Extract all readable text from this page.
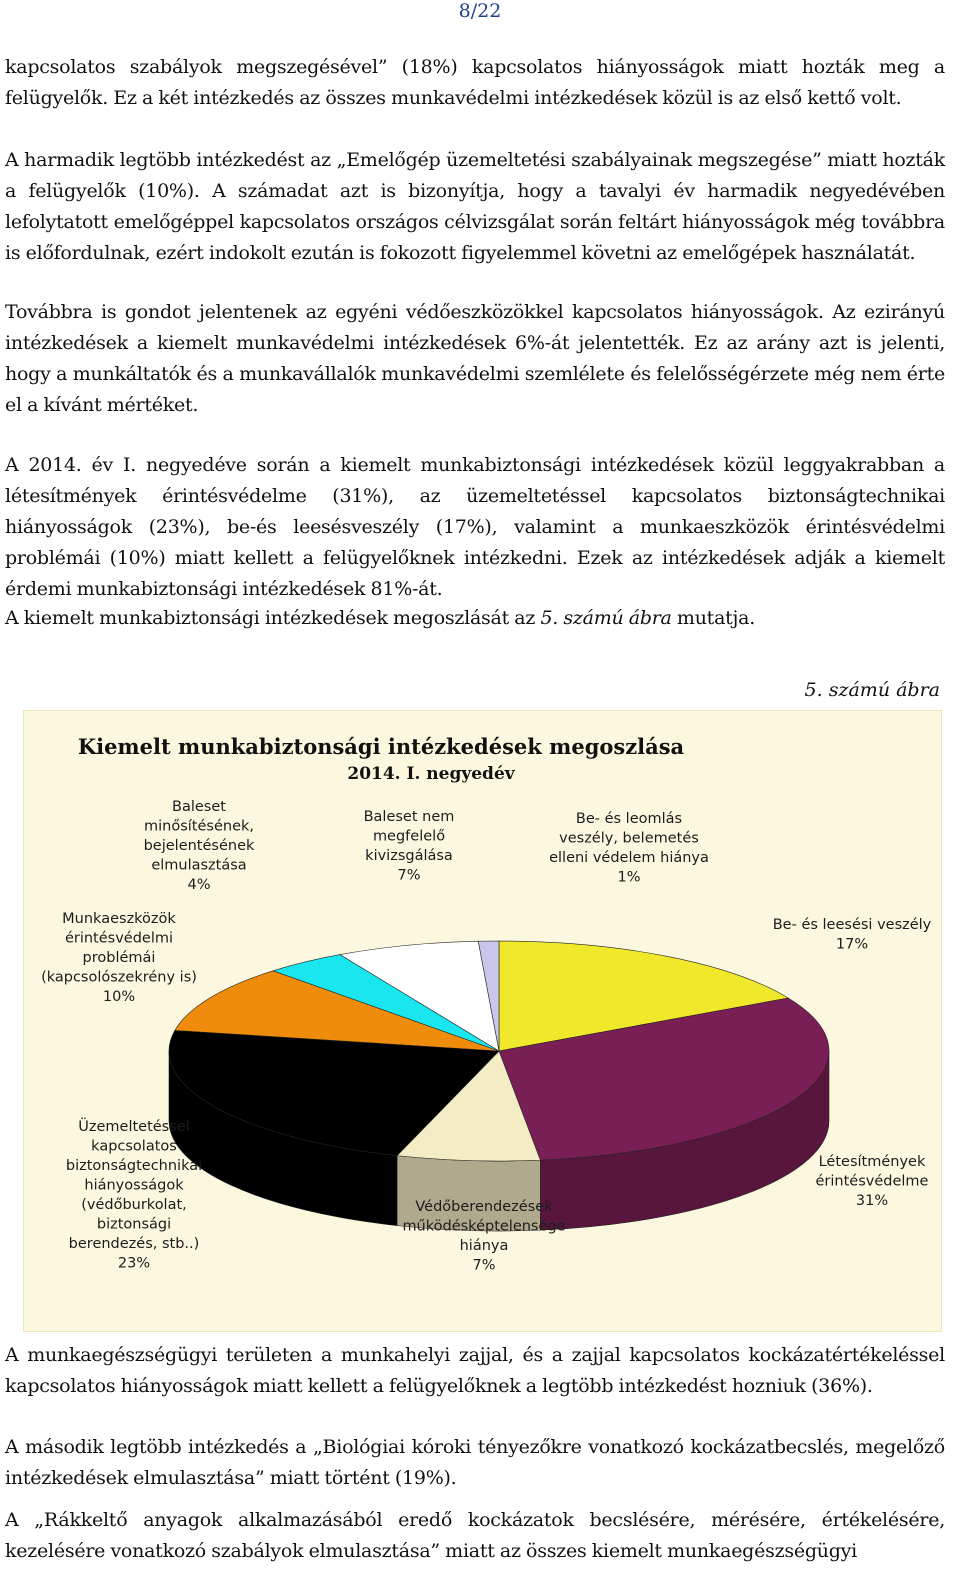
8/22

kapcsolatos szabályok megszegésével” (18%) kapcsolatos hiányosságok miatt hozták meg a felügyelők. Ez a két intézkedés az összes munkavédelmi intézkedések közül is az első kettő volt.

A harmadik legtöbb intézkedést az „Emelőgép üzemeltetési szabályainak megszegése” miatt hozták a felügyelők (10%). A számadat azt is bizonyítja, hogy a tavalyi év harmadik negyedévében lefolytatott emelőgéppel kapcsolatos országos célvizsgálat során feltárt hiányosságok még továbbra is előfordulnak, ezért indokolt ezután is fokozott figyelemmel követni az emelőgépek használatát.

Továbbra is gondot jelentenek az egyéni védőeszközökkel kapcsolatos hiányosságok. Az ezirányú intézkedések a kiemelt munkavédelmi intézkedések 6%-át jelentették. Ez az arány azt is jelenti, hogy a munkáltatók és a munkavállalók munkavédelmi szemlélete és felelősségérzete még nem érte el a kívánt mértéket.

A 2014. év I. negyedéve során a kiemelt munkabiztonsági intézkedések közül leggyakrabban a létesítmények érintésvédelme (31%), az üzemeltetéssel kapcsolatos biztonságtechnikai hiányosságok (23%), be-és leesésveszély (17%), valamint a munkaeszközök érintésvédelmi problémái (10%) miatt kellett a felügyelőknek intézkedni. Ezek az intézkedések adják a kiemelt érdemi munkabiztonsági intézkedések 81%-át.

A kiemelt munkabiztonsági intézkedések megoszlását az 5. számú ábra mutatja.

5. számú ábra
Kiemelt munkabiztonsági intézkedések megoszlása
2014. I. negyedév
Be- és leesési veszély 17%
Létesítmények érintésvédelme 31%
Védőberendezések működésképtelensége hiánya 7%
Üzemeltetéssel kapcsolatos biztonságtechnikai hiányosságok (védőburkolat, biztonsági berendezés, stb..) 23%
Munkaeszközök érintésvédelmi problémái (kapcsolószekrény is) 10%
Baleset minősítésének, bejelentésének elmulasztása 4%
Baleset nem megfelelő kivizsgálása 7%
Be- és leomlás veszély, belemetés elleni védelem hiánya 1%

A munkaegészségügyi területen a munkahelyi zajjal, és a zajjal kapcsolatos kockázatértékeléssel kapcsolatos hiányosságok miatt kellett a felügyelőknek a legtöbb intézkedést hozniuk (36%).

A második legtöbb intézkedés a „Biológiai kóroki tényezőkre vonatkozó kockázatbecslés, megelőző intézkedések elmulasztása” miatt történt (19%).

A „Rákkeltő anyagok alkalmazásából eredő kockázatok becslésére, mérésére, értékelésére, kezelésére vonatkozó szabályok elmulasztása” miatt az összes kiemelt munkaegészségügyi
